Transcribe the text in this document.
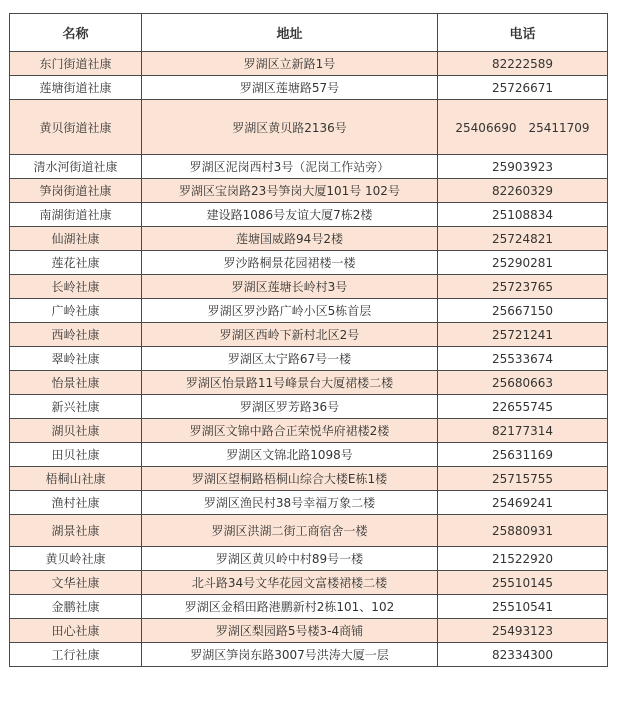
名称	地址	电话
东门街道社康	罗湖区立新路1号	82222589
莲塘街道社康	罗湖区莲塘路57号	25726671
黄贝街道社康	罗湖区黄贝路2136号	25406690　25411709
清水河街道社康	罗湖区泥岗西村3号（泥岗工作站旁）	25903923
笋岗街道社康	罗湖区宝岗路23号笋岗大厦101号 102号	82260329
南湖街道社康	建设路1086号友谊大厦7栋2楼	25108834
仙湖社康	莲塘国威路94号2楼	25724821
莲花社康	罗沙路桐景花园裙楼一楼	25290281
长岭社康	罗湖区莲塘长岭村3号	25723765
广岭社康	罗湖区罗沙路广岭小区5栋首层	25667150
西岭社康	罗湖区西岭下新村北区2号	25721241
翠岭社康	罗湖区太宁路67号一楼	25533674
怡景社康	罗湖区怡景路11号峰景台大厦裙楼二楼	25680663
新兴社康	罗湖区罗芳路36号	22655745
湖贝社康	罗湖区文锦中路合正荣悦华府裙楼2楼	82177314
田贝社康	罗湖区文锦北路1098号	25631169
梧桐山社康	罗湖区望桐路梧桐山综合大楼E栋1楼	25715755
渔村社康	罗湖区渔民村38号幸福万象二楼	25469241
湖景社康	罗湖区洪湖二街工商宿舍一楼	25880931
黄贝岭社康	罗湖区黄贝岭中村89号一楼	21522920
文华社康	北斗路34号文华花园文富楼裙楼二楼	25510145
金鹏社康	罗湖区金稻田路港鹏新村2栋101、102	25510541
田心社康	罗湖区梨园路5号楼3-4商铺	25493123
工行社康	罗湖区笋岗东路3007号洪涛大厦一层	82334300
